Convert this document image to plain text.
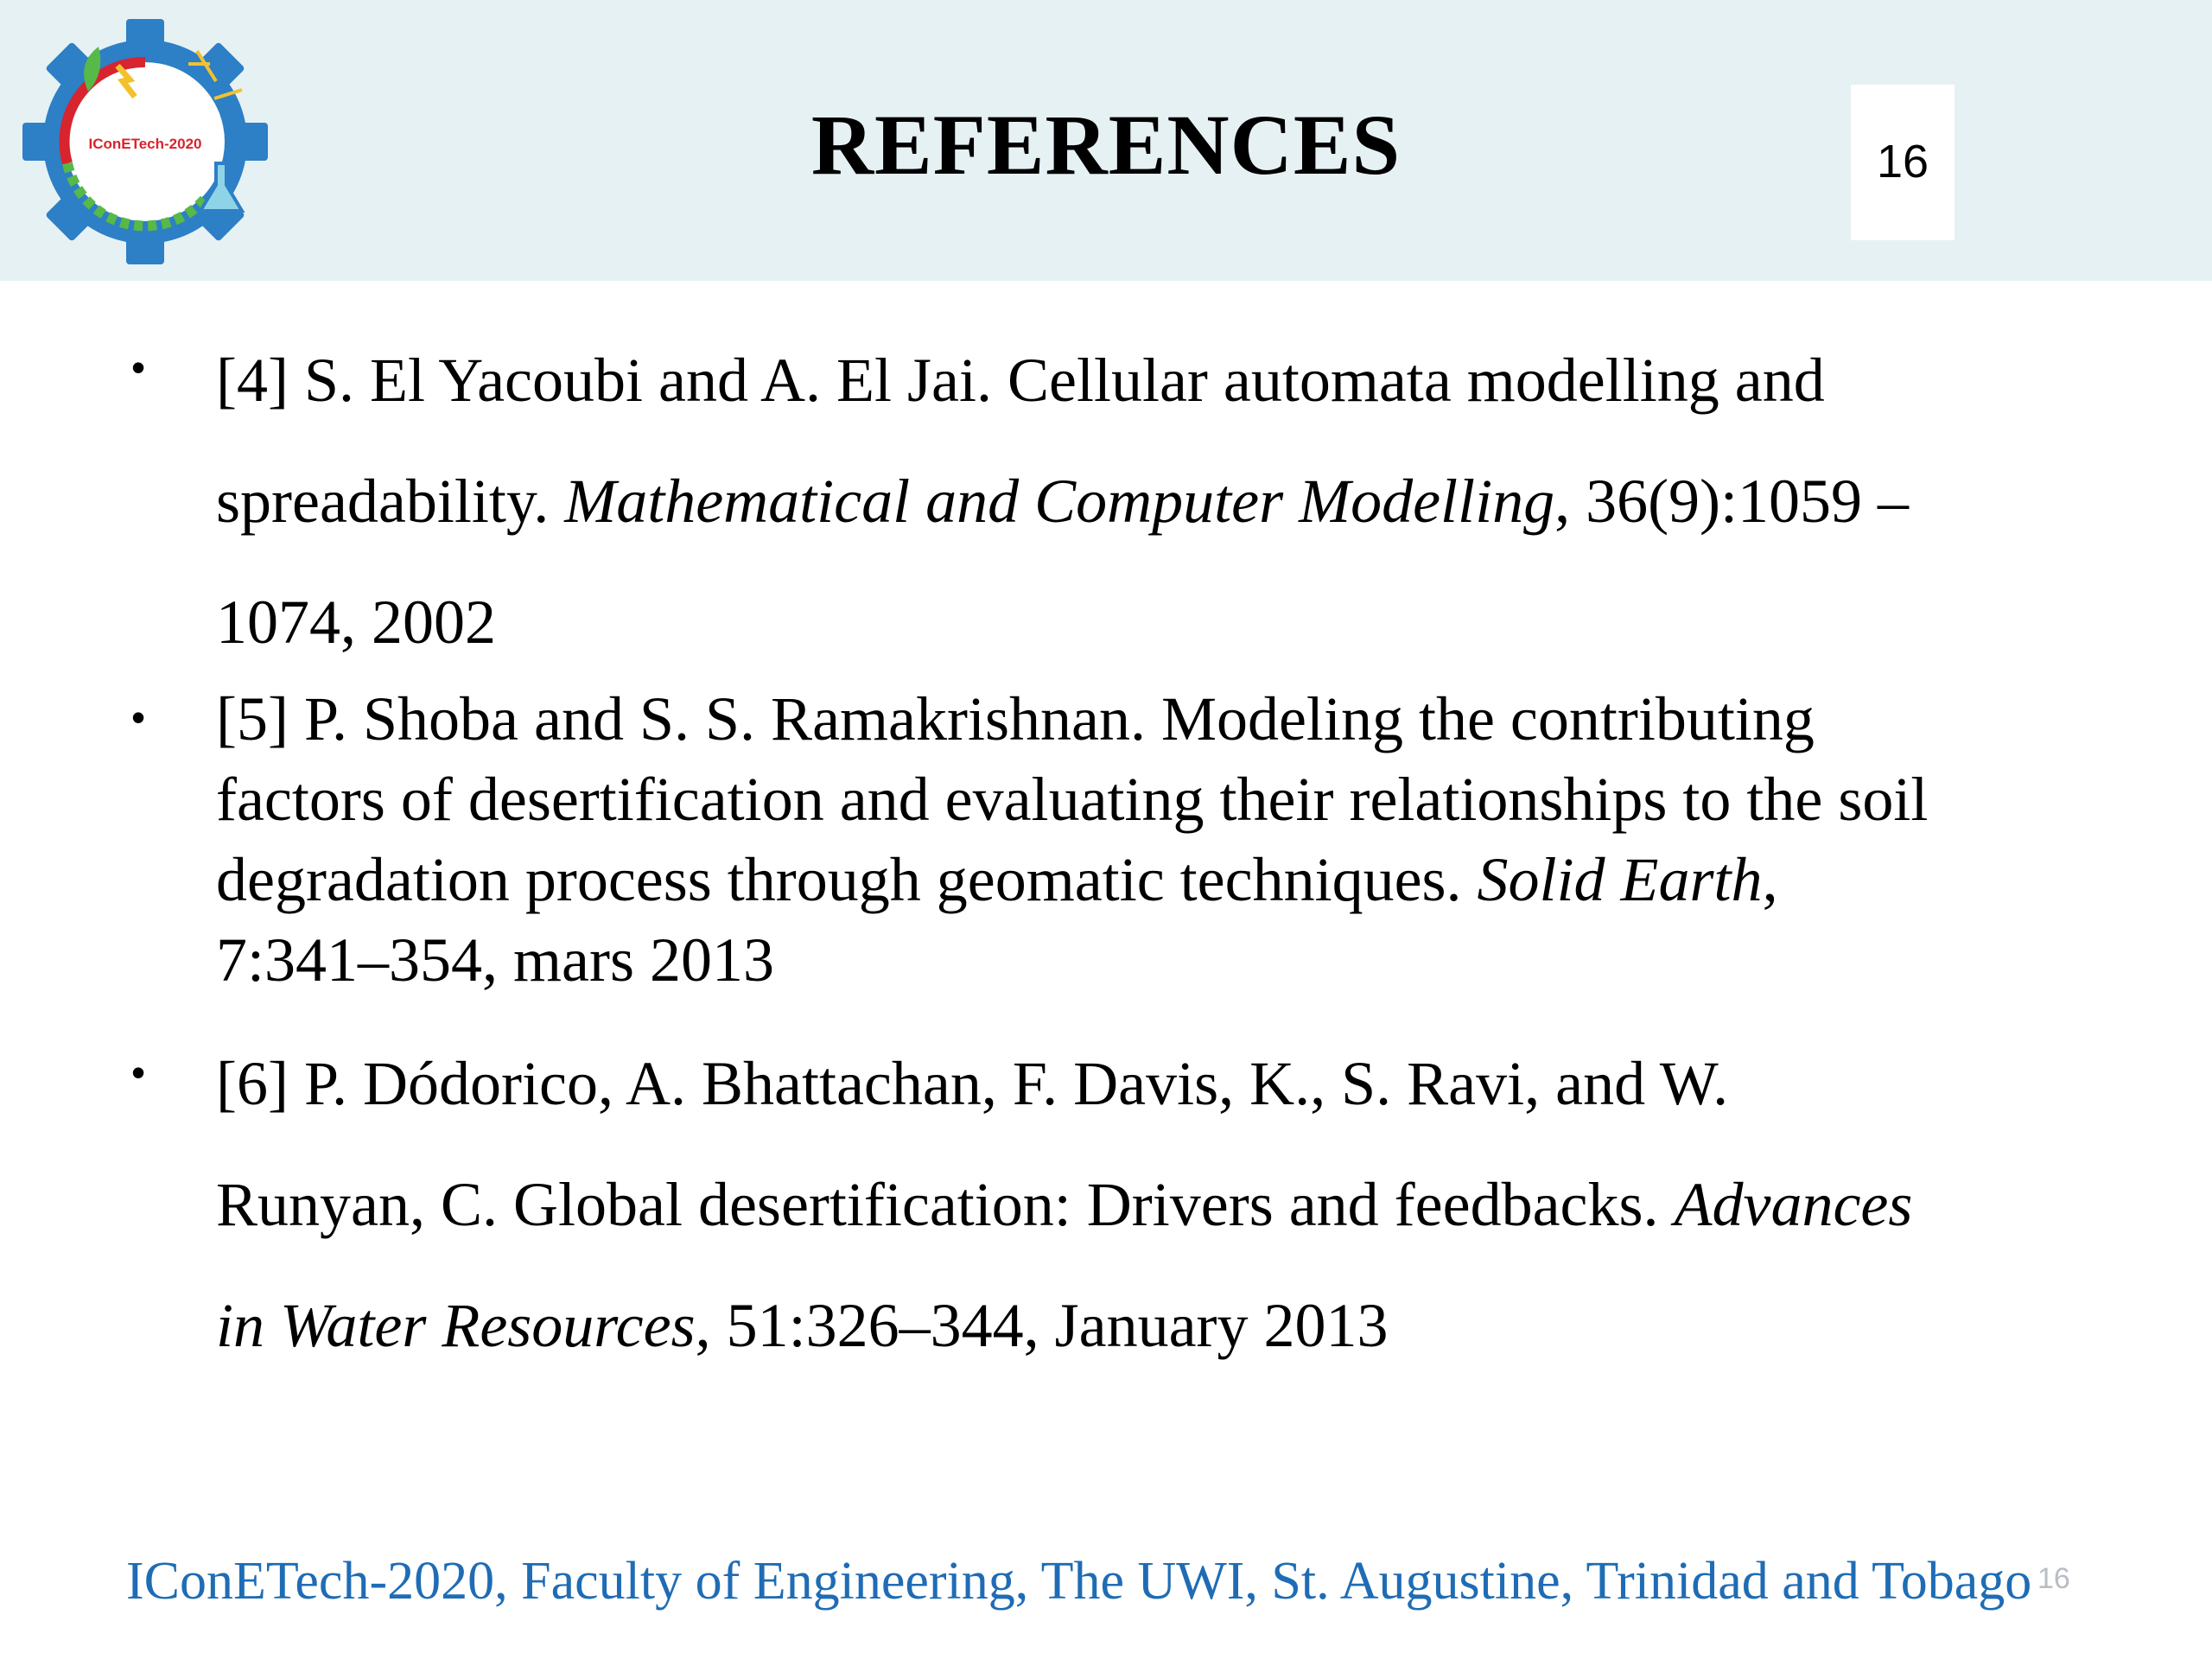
IConETech-2020	REFERENCES	16
• [4] S. El Yacoubi and A. El Jai. Cellular automata modelling and
spreadability. Mathematical and Computer Modelling, 36(9):1059 –
1074, 2002

• [5] P. Shoba and S. S. Ramakrishnan. Modeling the contributing
factors of desertification and evaluating their relationships to the soil
degradation process through geomatic techniques. Solid Earth,
7:341–354, mars 2013

• [6] P. Dódorico, A. Bhattachan, F. Davis, K., S. Ravi, and W.
Runyan, C. Global desertification: Drivers and feedbacks. Advances
in Water Resources, 51:326–344, January 2013

IConETech-2020, Faculty of Engineering, The UWI, St. Augustine, Trinidad and Tobago 16
